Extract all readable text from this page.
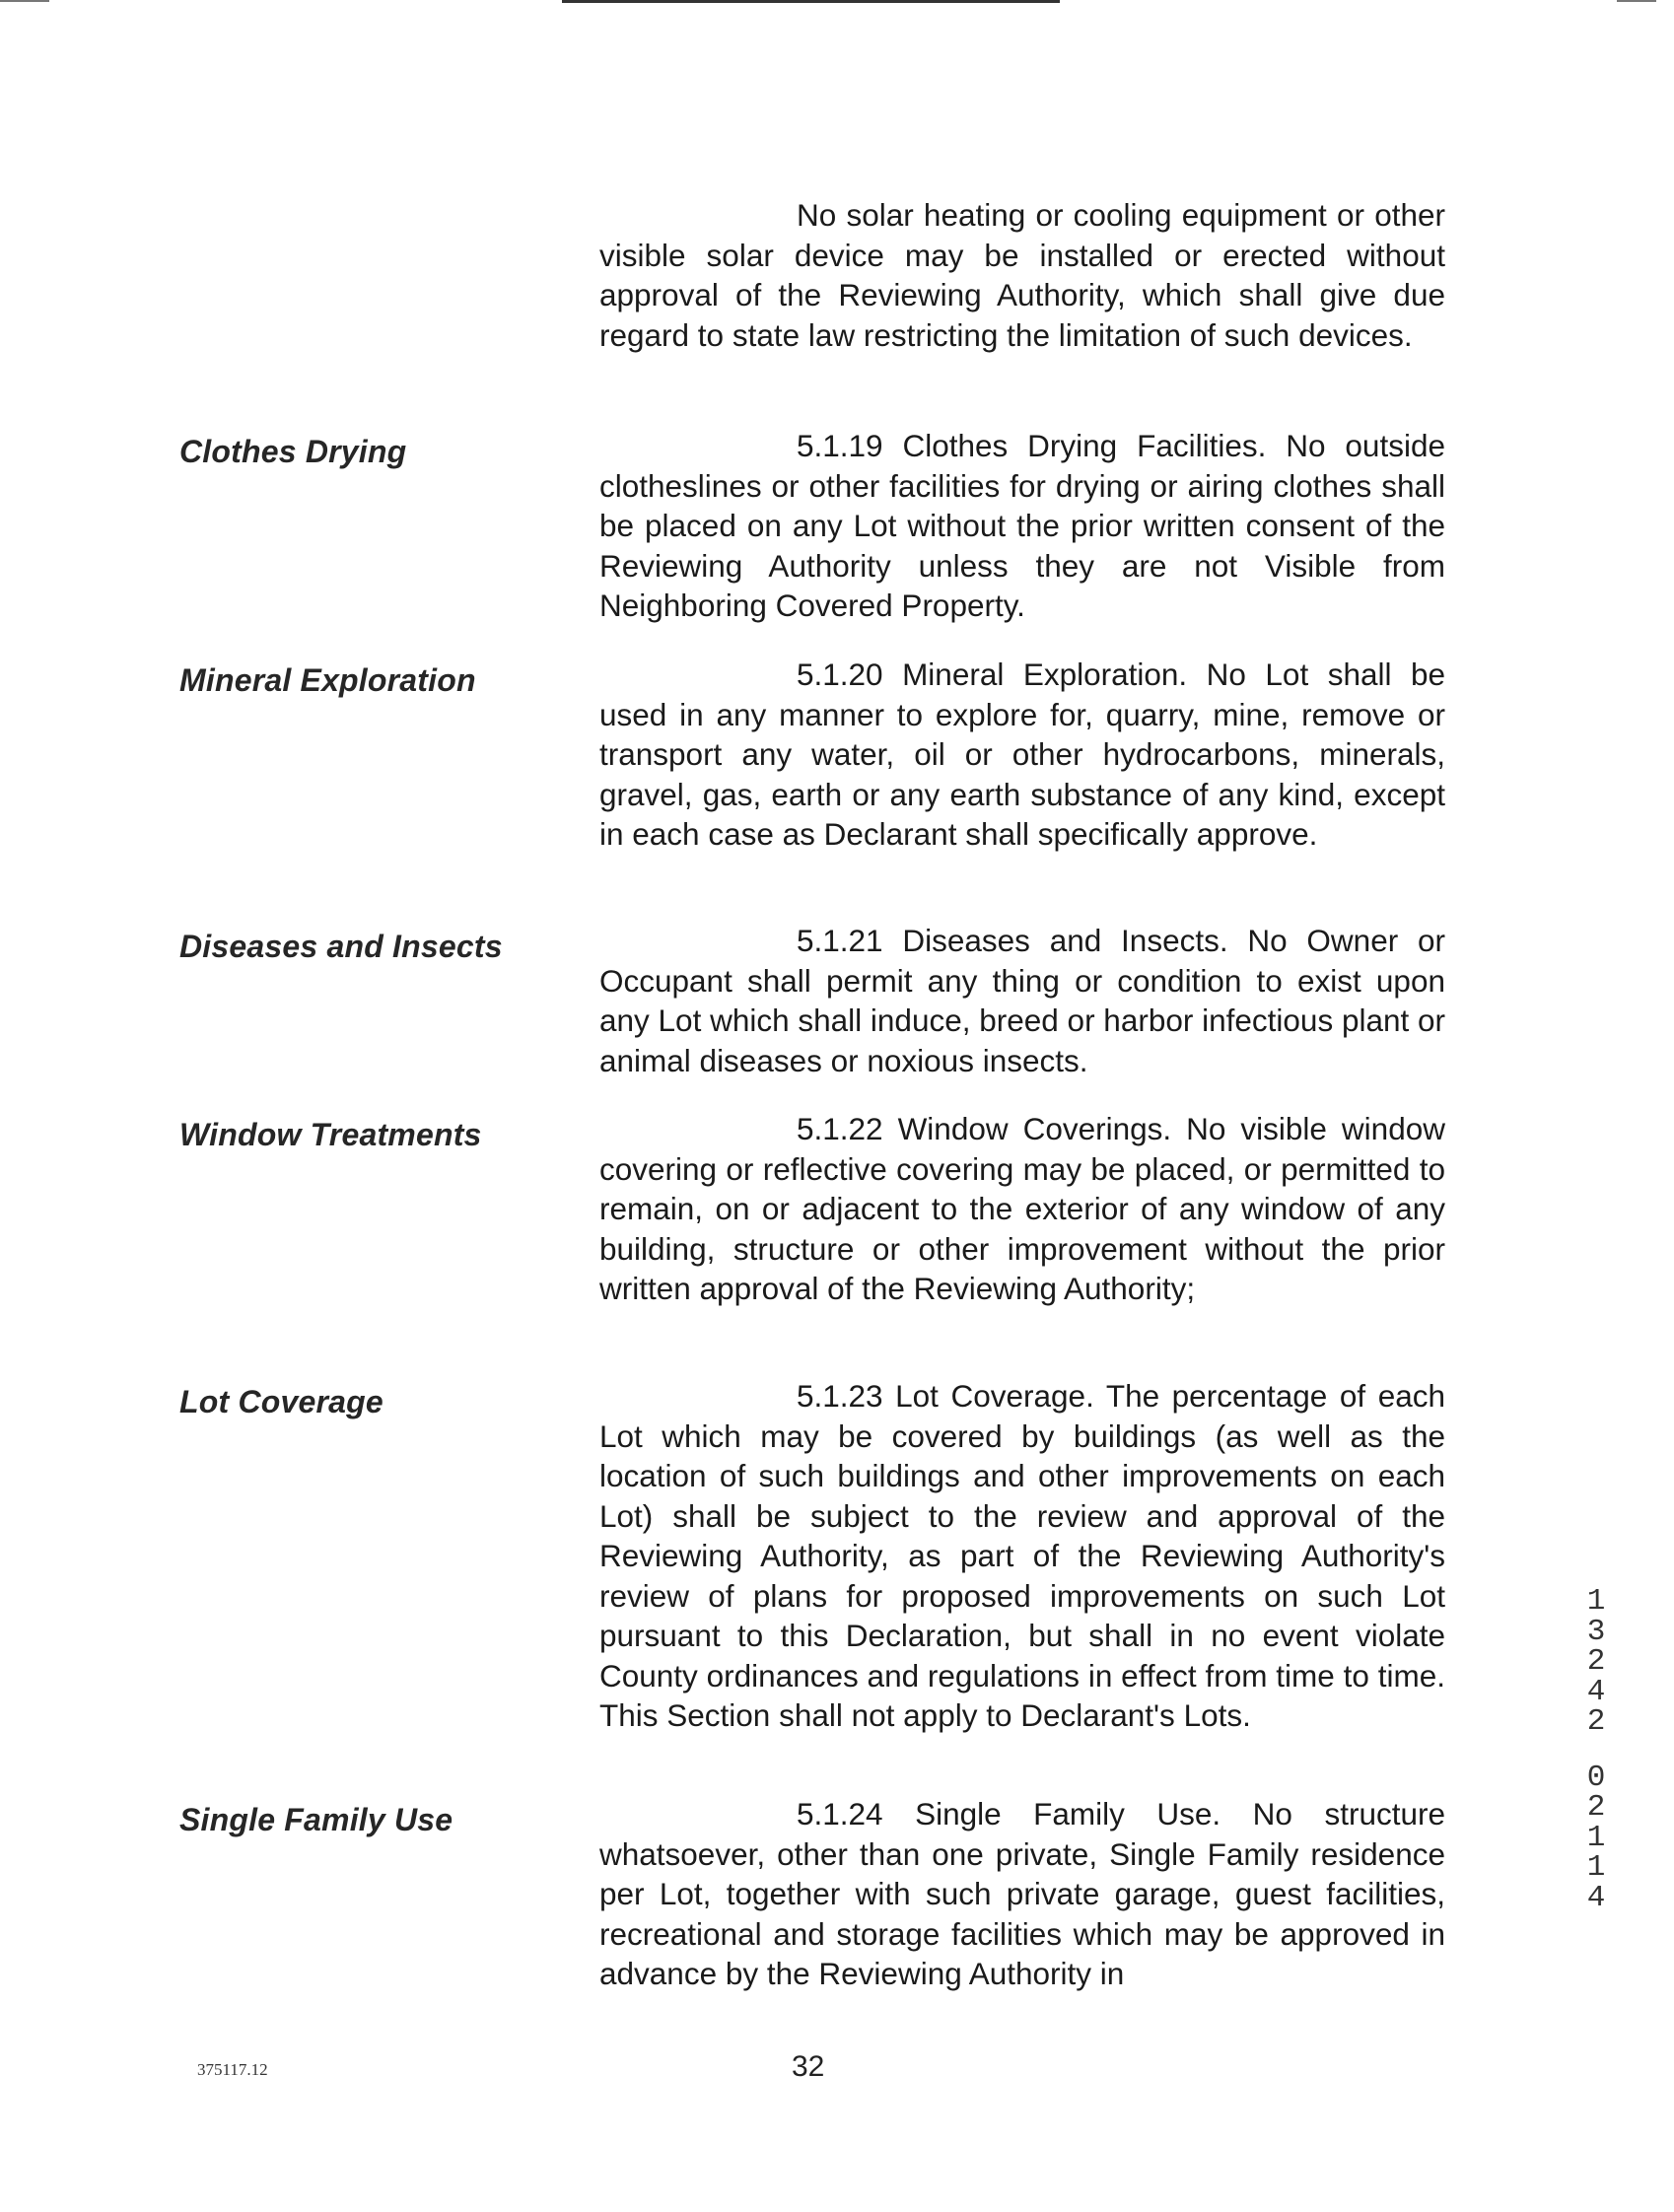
No solar heating or cooling equipment or other visible solar device may be installed or erected without approval of the Reviewing Authority, which shall give due regard to state law restricting the limitation of such devices.
Clothes Drying	5.1.19 Clothes Drying Facilities. No outside clotheslines or other facilities for drying or airing clothes shall be placed on any Lot without the prior written consent of the Reviewing Authority unless they are not Visible from Neighboring Covered Property.
Mineral Exploration	5.1.20 Mineral Exploration. No Lot shall be used in any manner to explore for, quarry, mine, remove or transport any water, oil or other hydrocarbons, minerals, gravel, gas, earth or any earth substance of any kind, except in each case as Declarant shall specifically approve.
Diseases and Insects	5.1.21 Diseases and Insects. No Owner or Occupant shall permit any thing or condition to exist upon any Lot which shall induce, breed or harbor infectious plant or animal diseases or noxious insects.
Window Treatments	5.1.22 Window Coverings. No visible window covering or reflective covering may be placed, or permitted to remain, on or adjacent to the exterior of any window of any building, structure or other improvement without the prior written approval of the Reviewing Authority;
Lot Coverage	5.1.23 Lot Coverage. The percentage of each Lot which may be covered by buildings (as well as the location of such buildings and other improvements on each Lot) shall be subject to the review and approval of the Reviewing Authority, as part of the Reviewing Authority's review of plans for proposed improvements on such Lot pursuant to this Declaration, but shall in no event violate County ordinances and regulations in effect from time to time. This Section shall not apply to Declarant's Lots.
Single Family Use	5.1.24 Single Family Use. No structure whatsoever, other than one private, Single Family residence per Lot, together with such private garage, guest facilities, recreational and storage facilities which may be approved in advance by the Reviewing Authority in
1
3
2
4
2
0
2
1
1
4
375117.12	32
